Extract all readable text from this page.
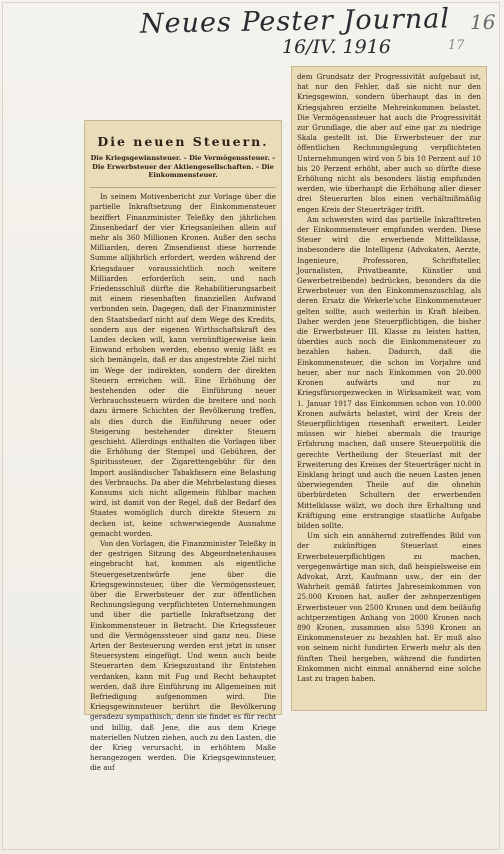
Neues Pester Journal
16/IV. 1916
16
17
Die neuen Steuern.
Die Kriegsgewinnsteuer. – Die Vermögenssteuer. – Die Erwerbsteuer der Aktiengesellschaften. – Die Einkommensteuer.

In seinem Motivenbericht zur Vorlage über die partielle Inkraftsetzung der Einkommensteuer beziffert Finanzminister Teleßky den jährlichen Zinsenbedarf der vier Kriegsanleihen allein auf mehr als 360 Millionen Kronen. Außer den sechs Milliarden, deren Zinsendienst diese horrende Summe alljährlich erfordert, werden während der Kriegsdauer voraussichtlich noch weitere Milliarden erforderlich sein, und nach Friedensschluß dürfte die Rehabilitierungsarbeit mit einem riesenhaften finanziellen Aufwand verbunden sein. Dagegen, daß der Finanzminister den Staatsbedarf nicht auf dem Wege des Kredits, sondern aus der eigenen Wirthschaftskraft des Landes decken will, kann vernünftigerweise kein Einwand erhoben werden, ebenso wenig läßt es sich bemängeln, daß er das angestrebte Ziel nicht im Wege der indirekten, sondern der direkten Steuern erreichen will. Eine Erhöhung der bestehenden oder die Einführung neuer Verbrauchssteuern würden die breitere und noch dazu ärmere Schichten der Bevölkerung treffen, als dies durch die Einführung neuer oder Steigerung bestehender direkter Steuern geschieht. Allerdings enthalten die Vorlagen über die Erhöhung der Stempel und Gebühren, der Spiritussteuer, der Zigarettengebühr für den Import ausländischer Tabakfasern eine Belastung des Verbrauchs. Da aber die Mehrbelastung dieses Konsums sich nicht allgemein fühlbar machen wird, ist damit von der Regel, daß der Bedarf des Staates womöglich durch direkte Steuern zu decken ist, keine schwerwiegende Ausnahme gemacht worden.

Von den Vorlagen, die Finanzminister Teleßky in der gestrigen Sitzung des Abgeordnetenhauses eingebracht hat, kommen als eigentliche Steuergesetzentwürfe jene über die Kriegsgewinnsteuer, über die Vermögenssteuer, über die Erwerbsteuer der zur öffentlichen Rechnungslegung verpflichteten Unternehmungen und über die partielle Inkraftsetzung der Einkommensteuer in Betracht. Die Kriegssteuer und die Vermögenssteuer sind ganz neu. Diese Arten der Besteuerung werden erst jetzt in unser Steuersystem eingefügt. Und wenn auch beide Steuerarten dem Kriegszustand ihr Entstehen verdanken, kann mit Fug und Recht behauptet werden, daß ihre Einführung im Allgemeinen mit Befriedigung aufgenommen wird. Die Kriegsgewinnsteuer berührt die Bevölkerung geradezu sympathisch, denn sie findet es für recht und billig, daß Jene, die aus dem Kriege materiellen Nutzen ziehen, auch zu den Lasten, die der Krieg verursacht, in erhöhtem Maße herangezogen werden. Die Kriegsgewinnsteuer, die auf

dem Grundsatz der Progressivität aufgebaut ist, hat nur den Fehler, daß sie nicht nur den Kriegsgewinn, sondern überhaupt das in den Kriegsjahren erzielte Mehreinkommen belastet. Die Vermögenssteuer hat auch die Progressivität zur Grundlage, die aber auf eine gar zu niedrige Skala gestellt ist. Die Erwerbsteuer der zur öffentlichen Rechnungslegung verpflichteten Unternehmungen wird von 5 bis 10 Perzent auf 10 bis 20 Perzent erhöht, aber auch so dürfte diese Erhöhung nicht als besonders lästig empfunden werden, wie überhaupt die Erhöhung aller dieser drei Steuerarten blos einen verhältnißmäßig engen Kreis der Steuerträger trifft.

Am schwersten wird das partielle Inkrafttreten der Einkommensteuer empfunden werden. Diese Steuer wird die erwerbende Mittelklasse, insbesondere die Intelligenz (Advokaten, Aerzte, Ingenieure, Professoren, Schriftsteller, Journalisten, Privatbeamte, Künstler und Gewerbetreibende) bedrücken, besonders da die Erwerbsteuer von den Einkommenszuschlag, als deren Ersatz die Wekerle'sche Einkommensteuer gelten sollte, auch weiterhin in Kraft bleiben. Daher werden jene Steuerpflichtigen, die bisher die Erwerbsteuer III. Klasse zu leisten hatten, überdies auch noch die Einkommensteuer zu bezahlen haben. Dadurch, daß die Einkommensteuer, die schon im Vorjahre und heuer, aber nur nach Einkommen von 20.000 Kronen aufwärts und nur zu Kriegsfürsorgezwecken in Wirksamkeit war, vom 1. Januar 1917 das Einkommen schon von 10.000 Kronen aufwärts belastet, wird der Kreis der Steuerpflichtigen riesenhaft erweitert. Leider müssen wir hiebei abermals die traurige Erfahrung machen, daß unsere Steuerpolitik die gerechte Vertheilung der Steuerlast mit der Erweiterung des Kreises der Steuerträger nicht in Einklang bringt und auch die neuen Lasten jenen überwiegenden Theile auf die ohnehin überbürdeten Schultern der erwerbenden Mittelklasse wälzt, wo doch ihre Erhaltung und Kräftigung eine erstrangige staatliche Aufgabe bilden sollte.

Um sich ein annähernd zutreffendes Bild von der zukünftigen Steuerlast eines Erwerbsteuerpflichtigen zu machen, vergegenwärtige man sich, daß beispielsweise ein Advokat, Arzt, Kaufmann usw., der ein der Wahrheit gemäß fatirtes Jahreseinkommen von 25.000 Kronen hat, außer der zehnperzentigen Erwerbsteuer von 2500 Kronen und dem beiläufig achtperzentigen Anhang von 2000 Kronen noch 890 Kronen, zusammen also 5390 Kronen an Einkommensteuer zu bezahlen hat. Er muß also von seinem nicht fundirten Erwerb mehr als den fünften Theil hergeben, während die fundirten Einkommen nicht einmal annähernd eine solche Last zu tragen haben.
